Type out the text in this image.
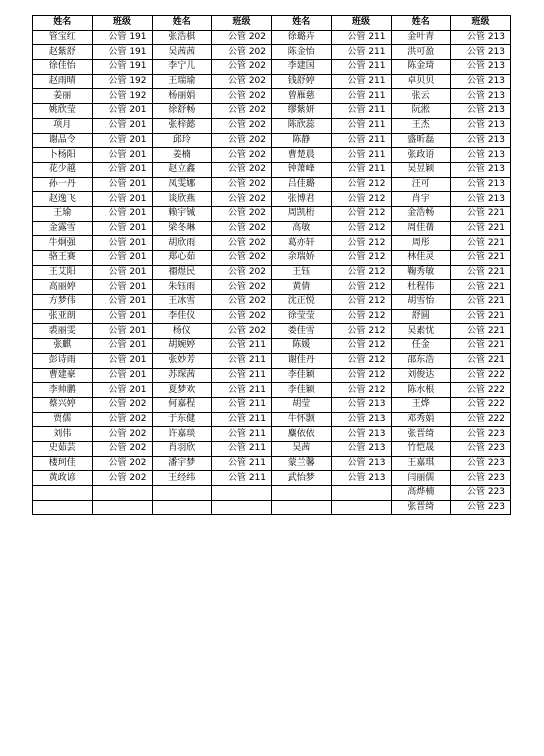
姓名	班级	姓名	班级	姓名	班级	姓名	班级
管宝红	公管 191	张浩棋	公管 202	徐璐卉	公管 211	金叶青	公管 213
赵紫舒	公管 191	吴茜茜	公管 202	陈金怡	公管 211	洪可盈	公管 213
徐佳怡	公管 191	李宁儿	公管 202	李建国	公管 211	陈金琦	公管 213
赵雨晴	公管 192	王瑞瑜	公管 202	钱舒婷	公管 211	卓贝贝	公管 213
姜丽	公管 192	杨丽娟	公管 202	曾雁慈	公管 211	张云	公管 213
姚欣莹	公管 201	徐舒畅	公管 202	缪紫妍	公管 211	阮淞	公管 213
项月	公管 201	张梓懿	公管 202	陈欣蕊	公管 211	王杰	公管 213
谢品令	公管 201	邱玲	公管 202	陈静	公管 211	盛昕磊	公管 213
卜杨阳	公管 201	姜楠	公管 202	曹楚晨	公管 211	张政语	公管 213
花少越	公管 201	赵立鑫	公管 202	钟萧峰	公管 211	吴昱颖	公管 213
孙一丹	公管 201	凤雯娜	公管 202	吕佳璐	公管 212	汪可	公管 213
赵逸飞	公管 201	谈欣燕	公管 202	张博君	公管 212	肖宇	公管 213
王瑜	公管 201	赖宇铖	公管 202	周凯桁	公管 212	金浩畅	公管 221
金露雪	公管 201	梁冬琳	公管 202	高敏	公管 212	周佳蒨	公管 221
牛炯强	公管 201	胡欣雨	公管 202	葛亦轩	公管 212	周彤	公管 221
骆王赛	公管 201	郑心茹	公管 202	余瑞娇	公管 212	林佳灵	公管 221
王艾阳	公管 201	禤煜民	公管 202	王钰	公管 212	鞠秀敏	公管 221
高丽婷	公管 201	朱钰雨	公管 202	黄倩	公管 212	杜程伟	公管 221
方梦伟	公管 201	王冰雪	公管 202	沈正悦	公管 212	胡雪怡	公管 221
张亚朗	公管 201	李佳仪	公管 202	徐莹莹	公管 212	舒圆	公管 221
裘丽雯	公管 201	杨仪	公管 202	娄佳雪	公管 212	吴素忧	公管 221
张麒	公管 201	胡婉婷	公管 211	陈媛	公管 212	任金	公管 221
彭诗雨	公管 201	张妙芳	公管 211	谢佳丹	公管 212	邵东浩	公管 221
曹建豪	公管 201	苏琛茜	公管 211	李佳颖	公管 212	刘俊达	公管 222
李帅鹏	公管 201	夏梦欢	公管 211	李佳颖	公管 212	陈水根	公管 222
蔡兴婷	公管 202	何嘉程	公管 211	胡莹	公管 213	王烨	公管 222
贾儒	公管 202	于东健	公管 211	牛怀颢	公管 213	邓秀娟	公管 222
刘伟	公管 202	许嘉琰	公管 211	麋依依	公管 213	张晋绮	公管 223
史茹芸	公管 202	肖羽欣	公管 211	吴茜	公管 213	竹恺晟	公管 223
楼珂佳	公管 202	潘宇梦	公管 211	蒙兰馨	公管 213	王嘉琪	公管 223
黄政谚	公管 202	王经纬	公管 211	武怡梦	公管 213	闫丽儒	公管 223
						高烨楠	公管 223
						张晋绮	公管 223
